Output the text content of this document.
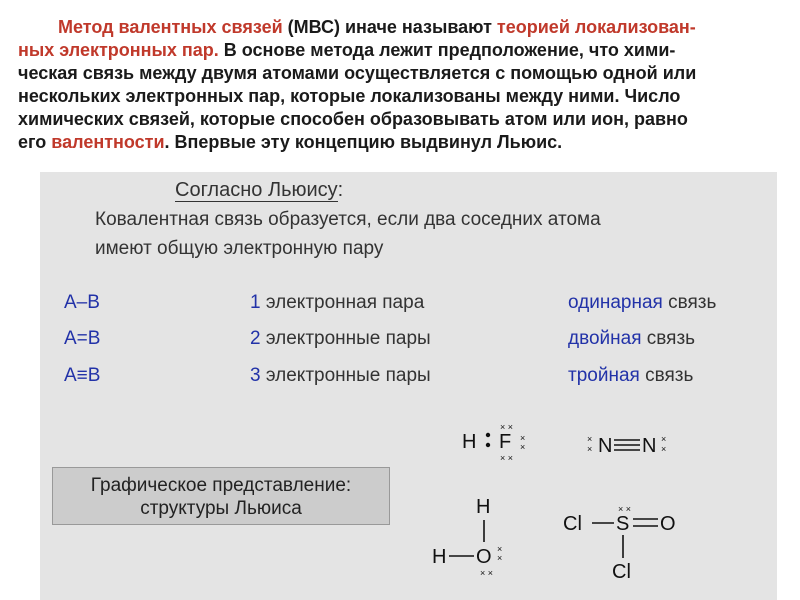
Метод валентных связей (МВС) иначе называют теорией локализован-
ных электронных пар. В основе метода лежит предположение, что хими-
ческая связь между двумя атомами осуществляется с помощью одной или
нескольких электронных пар, которые локализованы между ними. Число
химических связей, которые способен образовывать атом или ион, равно
его валентности. Впервые эту концепцию выдвинул Льюис.
Согласно Льюису:
Ковалентная связь образуется, если два соседних атома
имеют общую электронную пару
A–B	1 электронная пара	одинарная связь
A=B	2 электронные пары	двойная связь
A≡B	3 электронные пары	тройная связь
Графическое представление:
структуры Льюиса
H F
× ×
× ×
×
×
×
× N N ×
×
H
H O ×
×
× ×
Cl
× ×
S O
Cl
